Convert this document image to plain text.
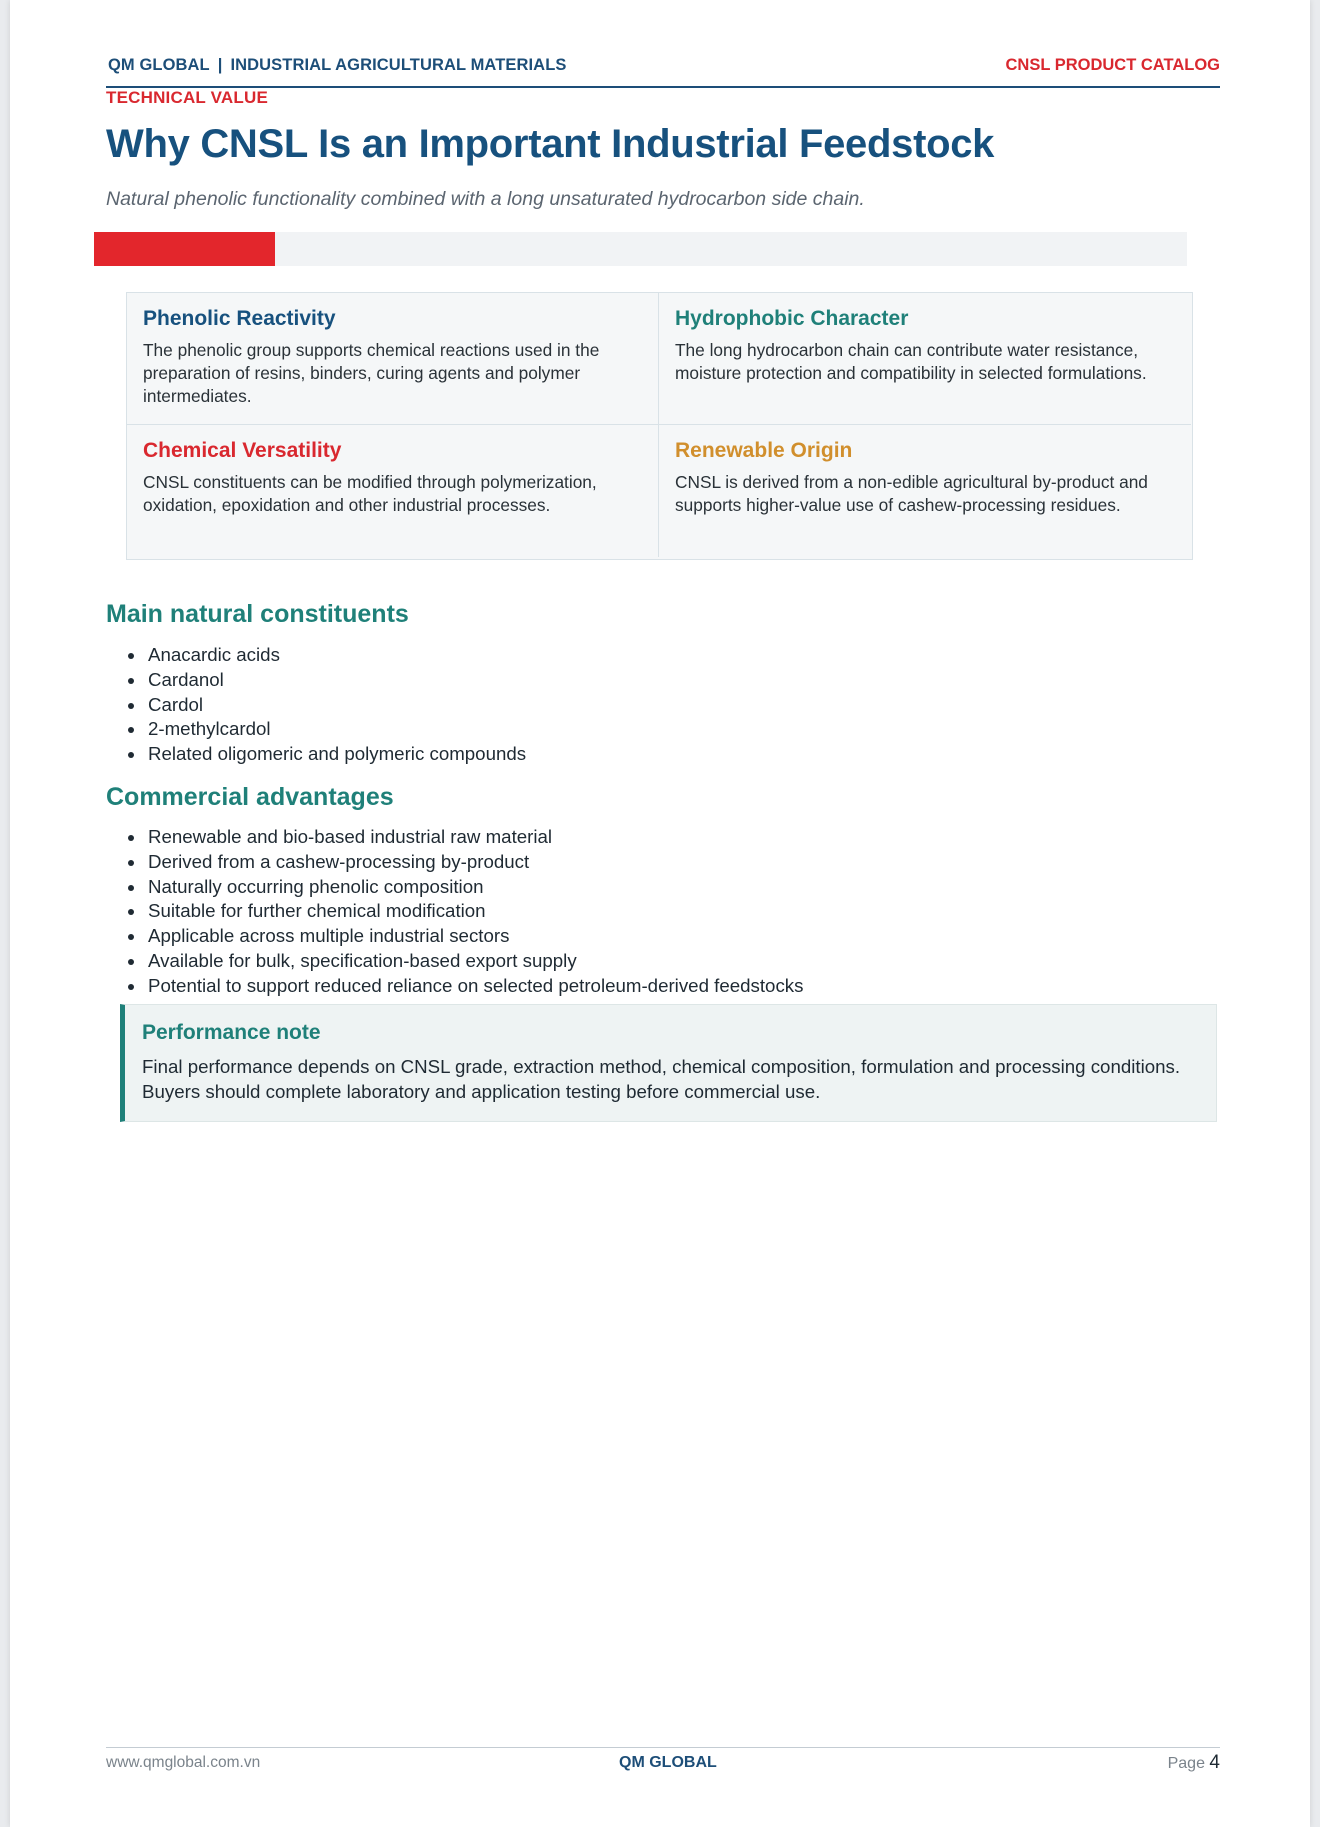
QM GLOBAL | INDUSTRIAL AGRICULTURAL MATERIALS	CNSL PRODUCT CATALOG
TECHNICAL VALUE
Why CNSL Is an Important Industrial Feedstock
Natural phenolic functionality combined with a long unsaturated hydrocarbon side chain.
Phenolic Reactivity

The phenolic group supports chemical reactions used in the preparation of resins, binders, curing agents and polymer intermediates.

Hydrophobic Character

The long hydrocarbon chain can contribute water resistance, moisture protection and compatibility in selected formulations.

Chemical Versatility

CNSL constituents can be modified through polymerization, oxidation, epoxidation and other industrial processes.

Renewable Origin

CNSL is derived from a non-edible agricultural by-product and supports higher-value use of cashew-processing residues.

Main natural constituents
Anacardic acids
Cardanol
Cardol
2-methylcardol
Related oligomeric and polymeric compounds
Commercial advantages
Renewable and bio-based industrial raw material
Derived from a cashew-processing by-product
Naturally occurring phenolic composition
Suitable for further chemical modification
Applicable across multiple industrial sectors
Available for bulk, specification-based export supply
Potential to support reduced reliance on selected petroleum-derived feedstocks
Performance note

Final performance depends on CNSL grade, extraction method, chemical composition, formulation and processing conditions. Buyers should complete laboratory and application testing before commercial use.

www.qmglobal.com.vn	QM GLOBAL	Page 4
